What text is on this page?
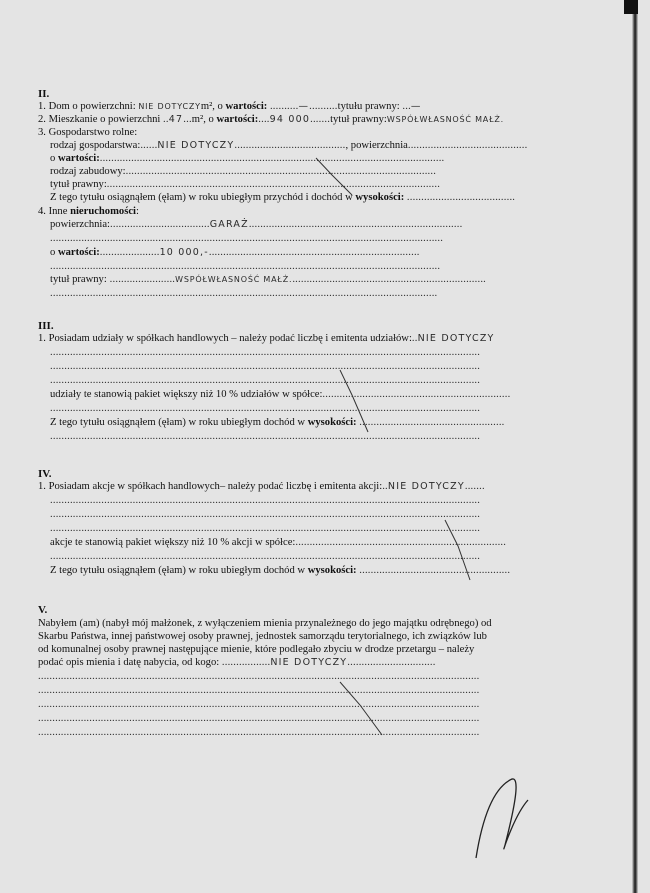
II.
1. Dom o powierzchni: NIE DOTYCZYm², o wartości: ..........—..........tytułu prawny: ...—
2. Mieszkanie o powierzchni ..47...m², o wartości:....94 000.......tytuł prawny:WSPÓŁWŁASNOŚĆ MAŁŻ.
3. Gospodarstwo rolne:
rodzaj gospodarstwa:......NIE DOTYCZY......................................., powierzchnia..........................................
o wartości:.........................................................................................................................
rodzaj zabudowy:.............................................................................................................
tytuł prawny:.....................................................................................................................
Z tego tytułu osiągnąłem (ęłam) w roku ubiegłym przychód i dochód w wysokości: ......................................
4. Inne nieruchomości:
powierzchnia:...................................GARAŻ...........................................................................
..........................................................................................................................................
o wartości:.....................10 000,-..........................................................................
.........................................................................................................................................
tytuł prawny: .......................WSPÓŁWŁASNOŚĆ MAŁŻ.....................................................................
........................................................................................................................................
III.
1. Posiadam udziały w spółkach handlowych – należy podać liczbę i emitenta udziałów:..NIE DOTYCZY
.......................................................................................................................................................
.......................................................................................................................................................
.......................................................................................................................................................
udziały te stanowią pakiet większy niż 10 % udziałów w spółce:..................................................................
.......................................................................................................................................................
Z tego tytułu osiągnąłem (ęłam) w roku ubiegłym dochód w wysokości: ...................................................
.......................................................................................................................................................
IV.
1. Posiadam akcje w spółkach handlowych– należy podać liczbę i emitenta akcji:..NIE DOTYCZY.......
.......................................................................................................................................................
.......................................................................................................................................................
.......................................................................................................................................................
akcje te stanowią pakiet większy niż 10 % akcji w spółce:..........................................................................
.......................................................................................................................................................
Z tego tytułu osiągnąłem (ęłam) w roku ubiegłym dochód w wysokości: .....................................................
V.
Nabyłem (am) (nabył mój małżonek, z wyłączeniem mienia przynależnego do jego majątku odrębnego) od
Skarbu Państwa, innej państwowej osoby prawnej, jednostek samorządu terytorialnego, ich związków lub
od komunalnej osoby prawnej następujące mienie, które podlegało zbyciu w drodze przetargu – należy
podać opis mienia i datę nabycia, od kogo: .................NIE DOTYCZY...............................
...........................................................................................................................................................
...........................................................................................................................................................
...........................................................................................................................................................
...........................................................................................................................................................
...........................................................................................................................................................
